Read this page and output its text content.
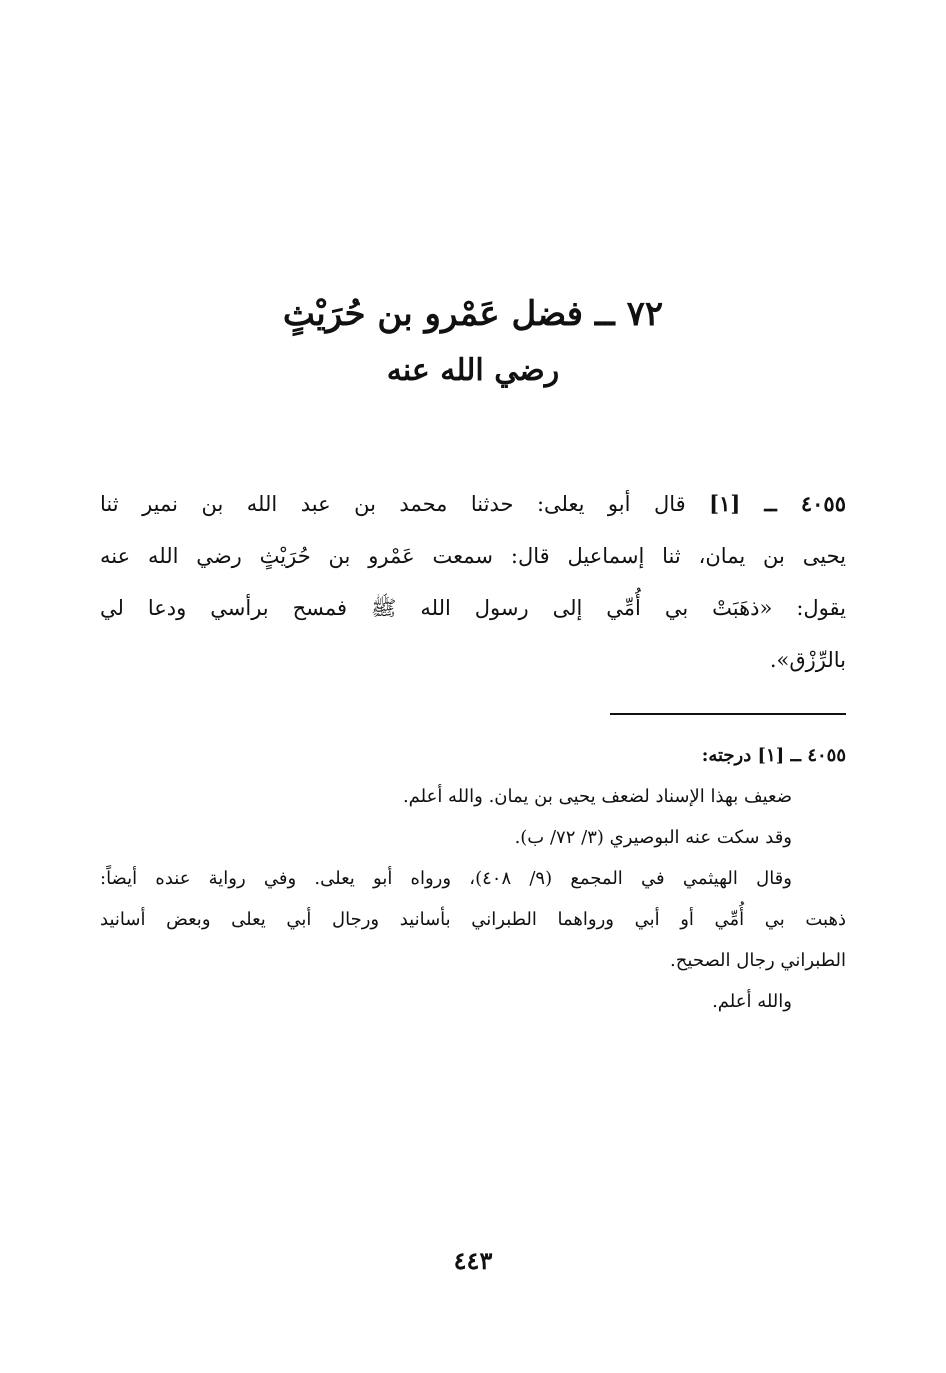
٧٢ ــ فضل عَمْرو بن حُرَيْثٍ
رضي الله عنه
٤٠٥٥ ــ [١] قال أبو يعلى: حدثنا محمد بن عبد الله بن نمير ثنا
يحيى بن يمان، ثنا إسماعيل قال: سمعت عَمْرو بن حُرَيْثٍ رضي الله عنه
يقول: «ذهَبَتْ بي أُمِّي إلى رسول الله ﷺ فمسح برأسي ودعا لي
بالرِّزْق».
٤٠٥٥ ــ [١] درجته:
ضعيف بهذا الإسناد لضعف يحيى بن يمان. والله أعلم.
وقد سكت عنه البوصيري (٣/ ٧٢/ ب).
وقال الهيثمي في المجمع (٩/ ٤٠٨)، ورواه أبو يعلى. وفي رواية عنده أيضاً:
ذهبت بي أُمِّي أو أبي ورواهما الطبراني بأسانيد ورجال أبي يعلى وبعض أسانيد
الطبراني رجال الصحيح.
والله أعلم.
٤٤٣
